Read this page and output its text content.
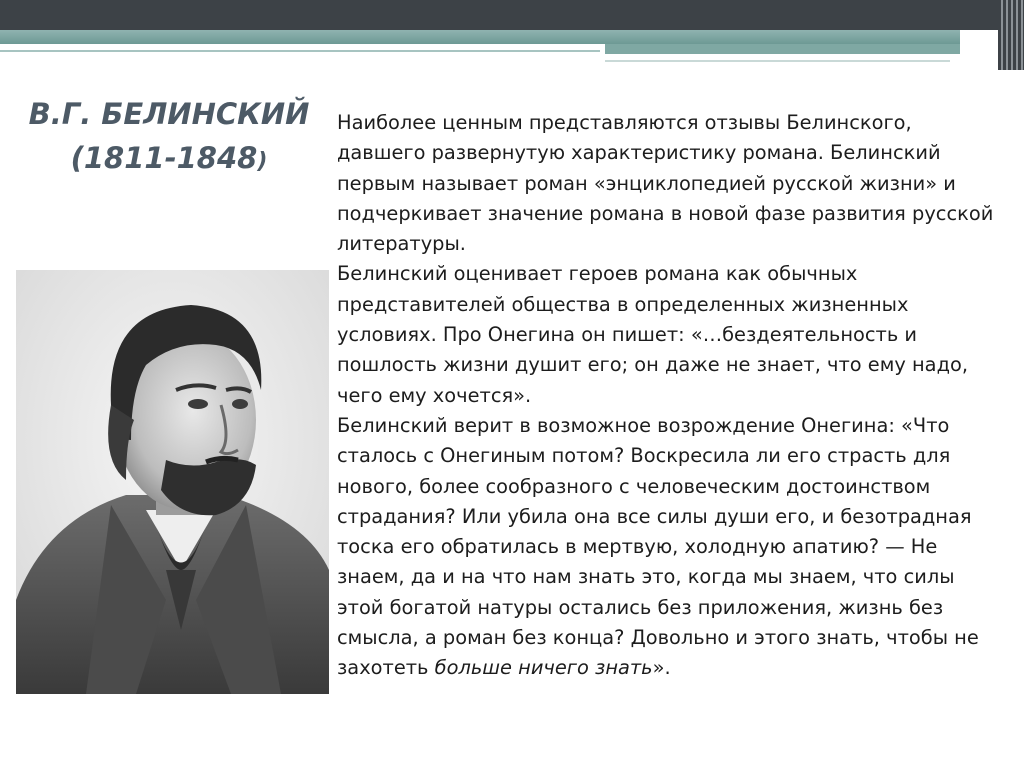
В.Г. БЕЛИНСКИЙ
(1811-1848)

Наиболее ценным представляются отзывы Белинского, давшего развернутую характеристику романа. Белинский первым называет роман «энциклопедией русской жизни» и подчеркивает значение романа в новой фазе развития русской литературы.

Белинский оценивает героев романа как обычных представителей общества в определенных жизненных условиях. Про Онегина он пишет: «…бездеятельность и пошлость жизни душит его; он даже не знает, что ему надо, чего ему хочется».

Белинский верит в возможное возрождение Онегина: «Что сталось с Онегиным потом? Воскресила ли его страсть для нового, более сообразного с человеческим достоинством страдания? Или убила она все силы души его, и безотрадная тоска его обратилась в мертвую, холодную апатию? — Не знаем, да и на что нам знать это, когда мы знаем, что силы этой богатой натуры остались без приложения, жизнь без смысла, а роман без конца? Довольно и этого знать, чтобы не захотеть больше ничего знать».
